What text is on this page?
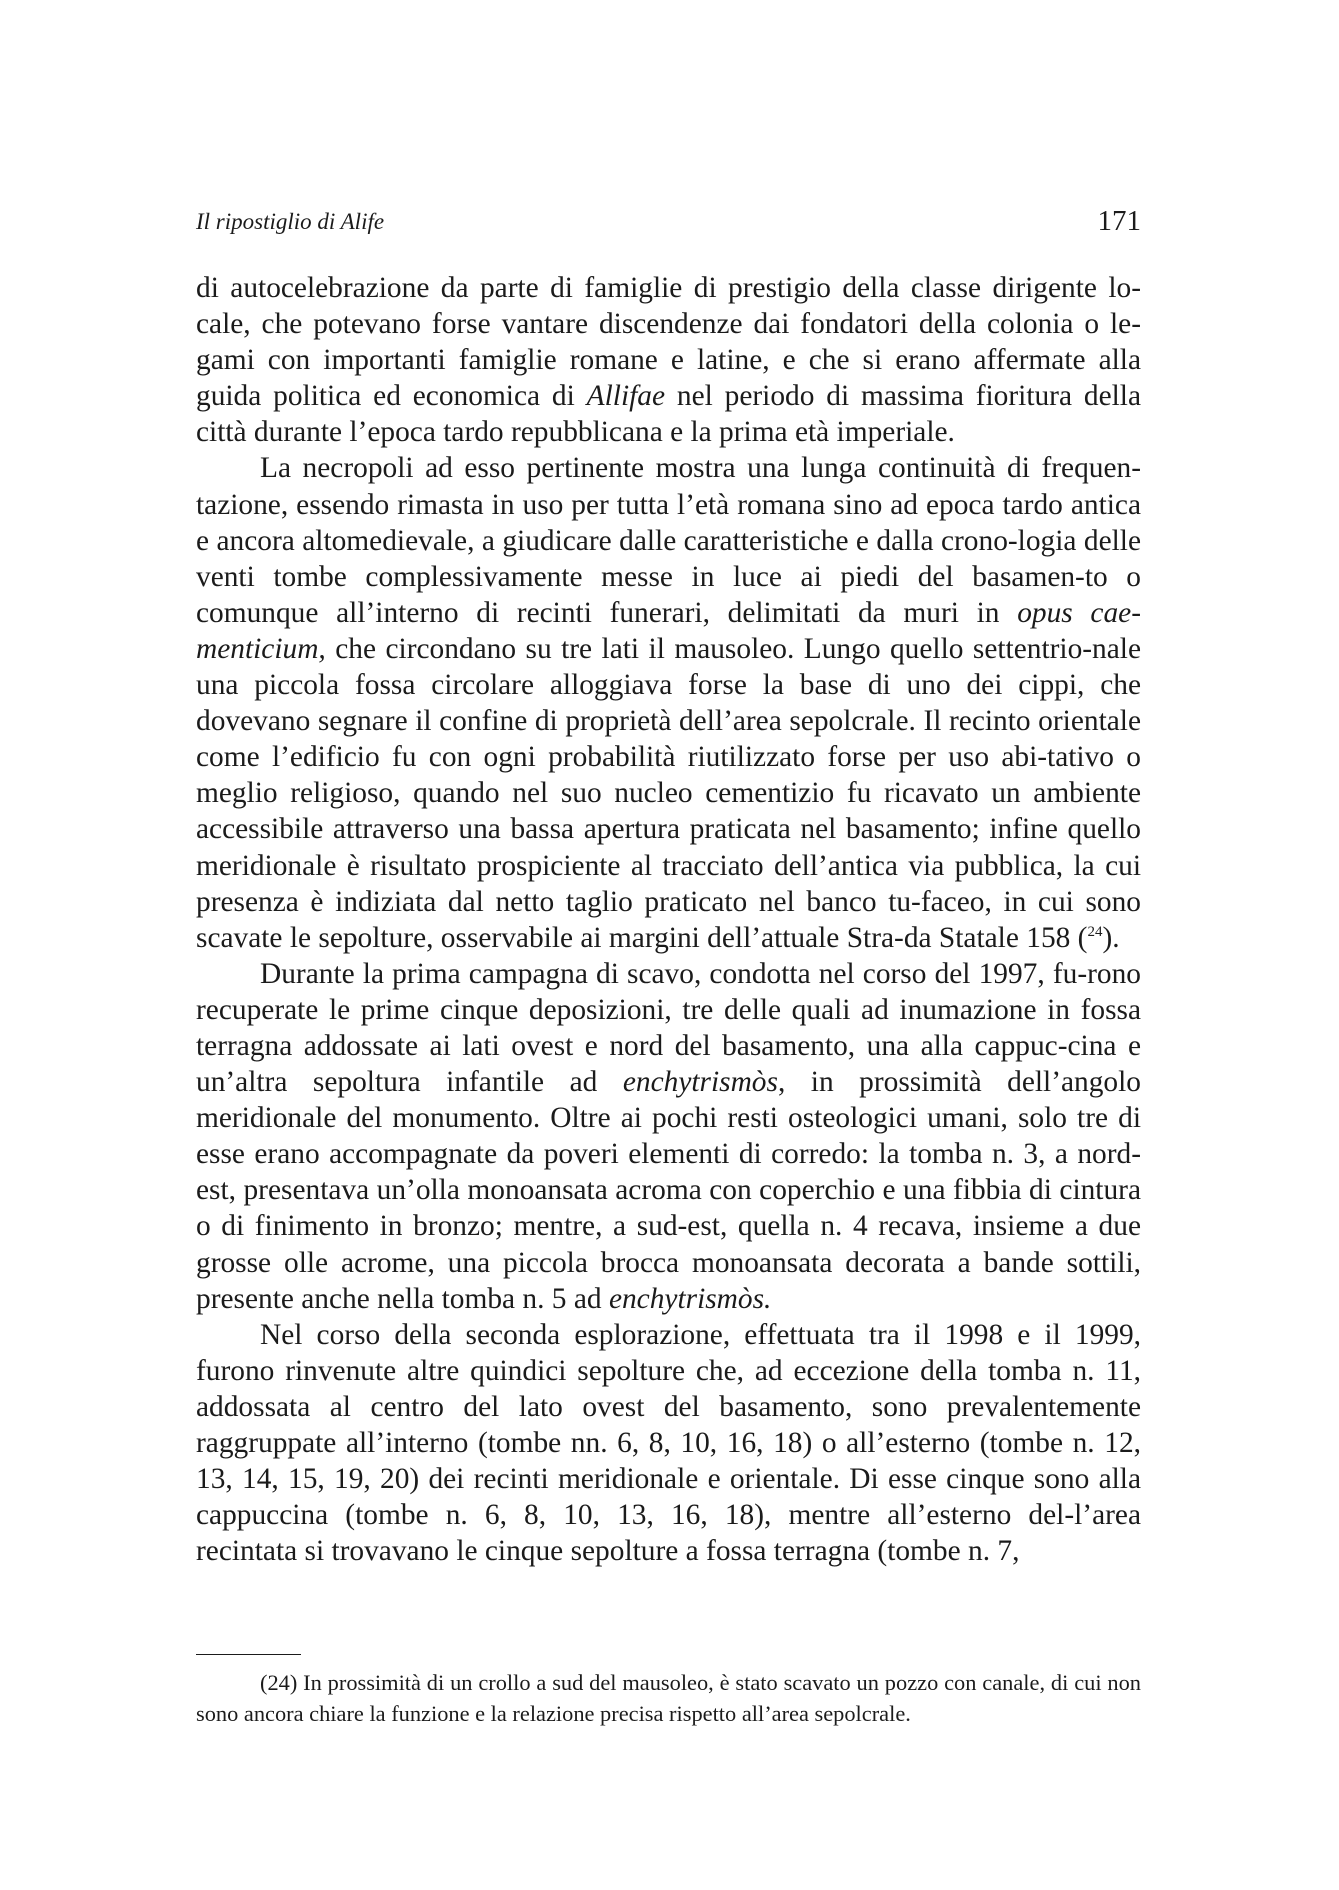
Il ripostiglio di Alife	171

di autocelebrazione da parte di famiglie di prestigio della classe dirigente lo-cale, che potevano forse vantare discendenze dai fondatori della colonia o le-gami con importanti famiglie romane e latine, e che si erano affermate alla guida politica ed economica di Allifae nel periodo di massima fioritura della città durante l’epoca tardo repubblicana e la prima età imperiale.

La necropoli ad esso pertinente mostra una lunga continuità di frequen-tazione, essendo rimasta in uso per tutta l’età romana sino ad epoca tardo antica e ancora altomedievale, a giudicare dalle caratteristiche e dalla crono-logia delle venti tombe complessivamente messe in luce ai piedi del basamen-to o comunque all’interno di recinti funerari, delimitati da muri in opus cae-menticium, che circondano su tre lati il mausoleo. Lungo quello settentrio-nale una piccola fossa circolare alloggiava forse la base di uno dei cippi, che dovevano segnare il confine di proprietà dell’area sepolcrale. Il recinto orientale come l’edificio fu con ogni probabilità riutilizzato forse per uso abi-tativo o meglio religioso, quando nel suo nucleo cementizio fu ricavato un ambiente accessibile attraverso una bassa apertura praticata nel basamento; infine quello meridionale è risultato prospiciente al tracciato dell’antica via pubblica, la cui presenza è indiziata dal netto taglio praticato nel banco tu-faceo, in cui sono scavate le sepolture, osservabile ai margini dell’attuale Stra-da Statale 158 ($^{24}$).

Durante la prima campagna di scavo, condotta nel corso del 1997, fu-rono recuperate le prime cinque deposizioni, tre delle quali ad inumazione in fossa terragna addossate ai lati ovest e nord del basamento, una alla cappuc-cina e un’altra sepoltura infantile ad enchytrismòs, in prossimità dell’angolo meridionale del monumento. Oltre ai pochi resti osteologici umani, solo tre di esse erano accompagnate da poveri elementi di corredo: la tomba n. 3, a nord-est, presentava un’olla monoansata acroma con coperchio e una fibbia di cintura o di finimento in bronzo; mentre, a sud-est, quella n. 4 recava, insieme a due grosse olle acrome, una piccola brocca monoansata decorata a bande sottili, presente anche nella tomba n. 5 ad enchytrismòs.

Nel corso della seconda esplorazione, effettuata tra il 1998 e il 1999, furono rinvenute altre quindici sepolture che, ad eccezione della tomba n. 11, addossata al centro del lato ovest del basamento, sono prevalentemente raggruppate all’interno (tombe nn. 6, 8, 10, 16, 18) o all’esterno (tombe n. 12, 13, 14, 15, 19, 20) dei recinti meridionale e orientale. Di esse cinque sono alla cappuccina (tombe n. 6, 8, 10, 13, 16, 18), mentre all’esterno del-l’area recintata si trovavano le cinque sepolture a fossa terragna (tombe n. 7,

(24) In prossimità di un crollo a sud del mausoleo, è stato scavato un pozzo con canale, di cui non sono ancora chiare la funzione e la relazione precisa rispetto all’area sepolcrale.
